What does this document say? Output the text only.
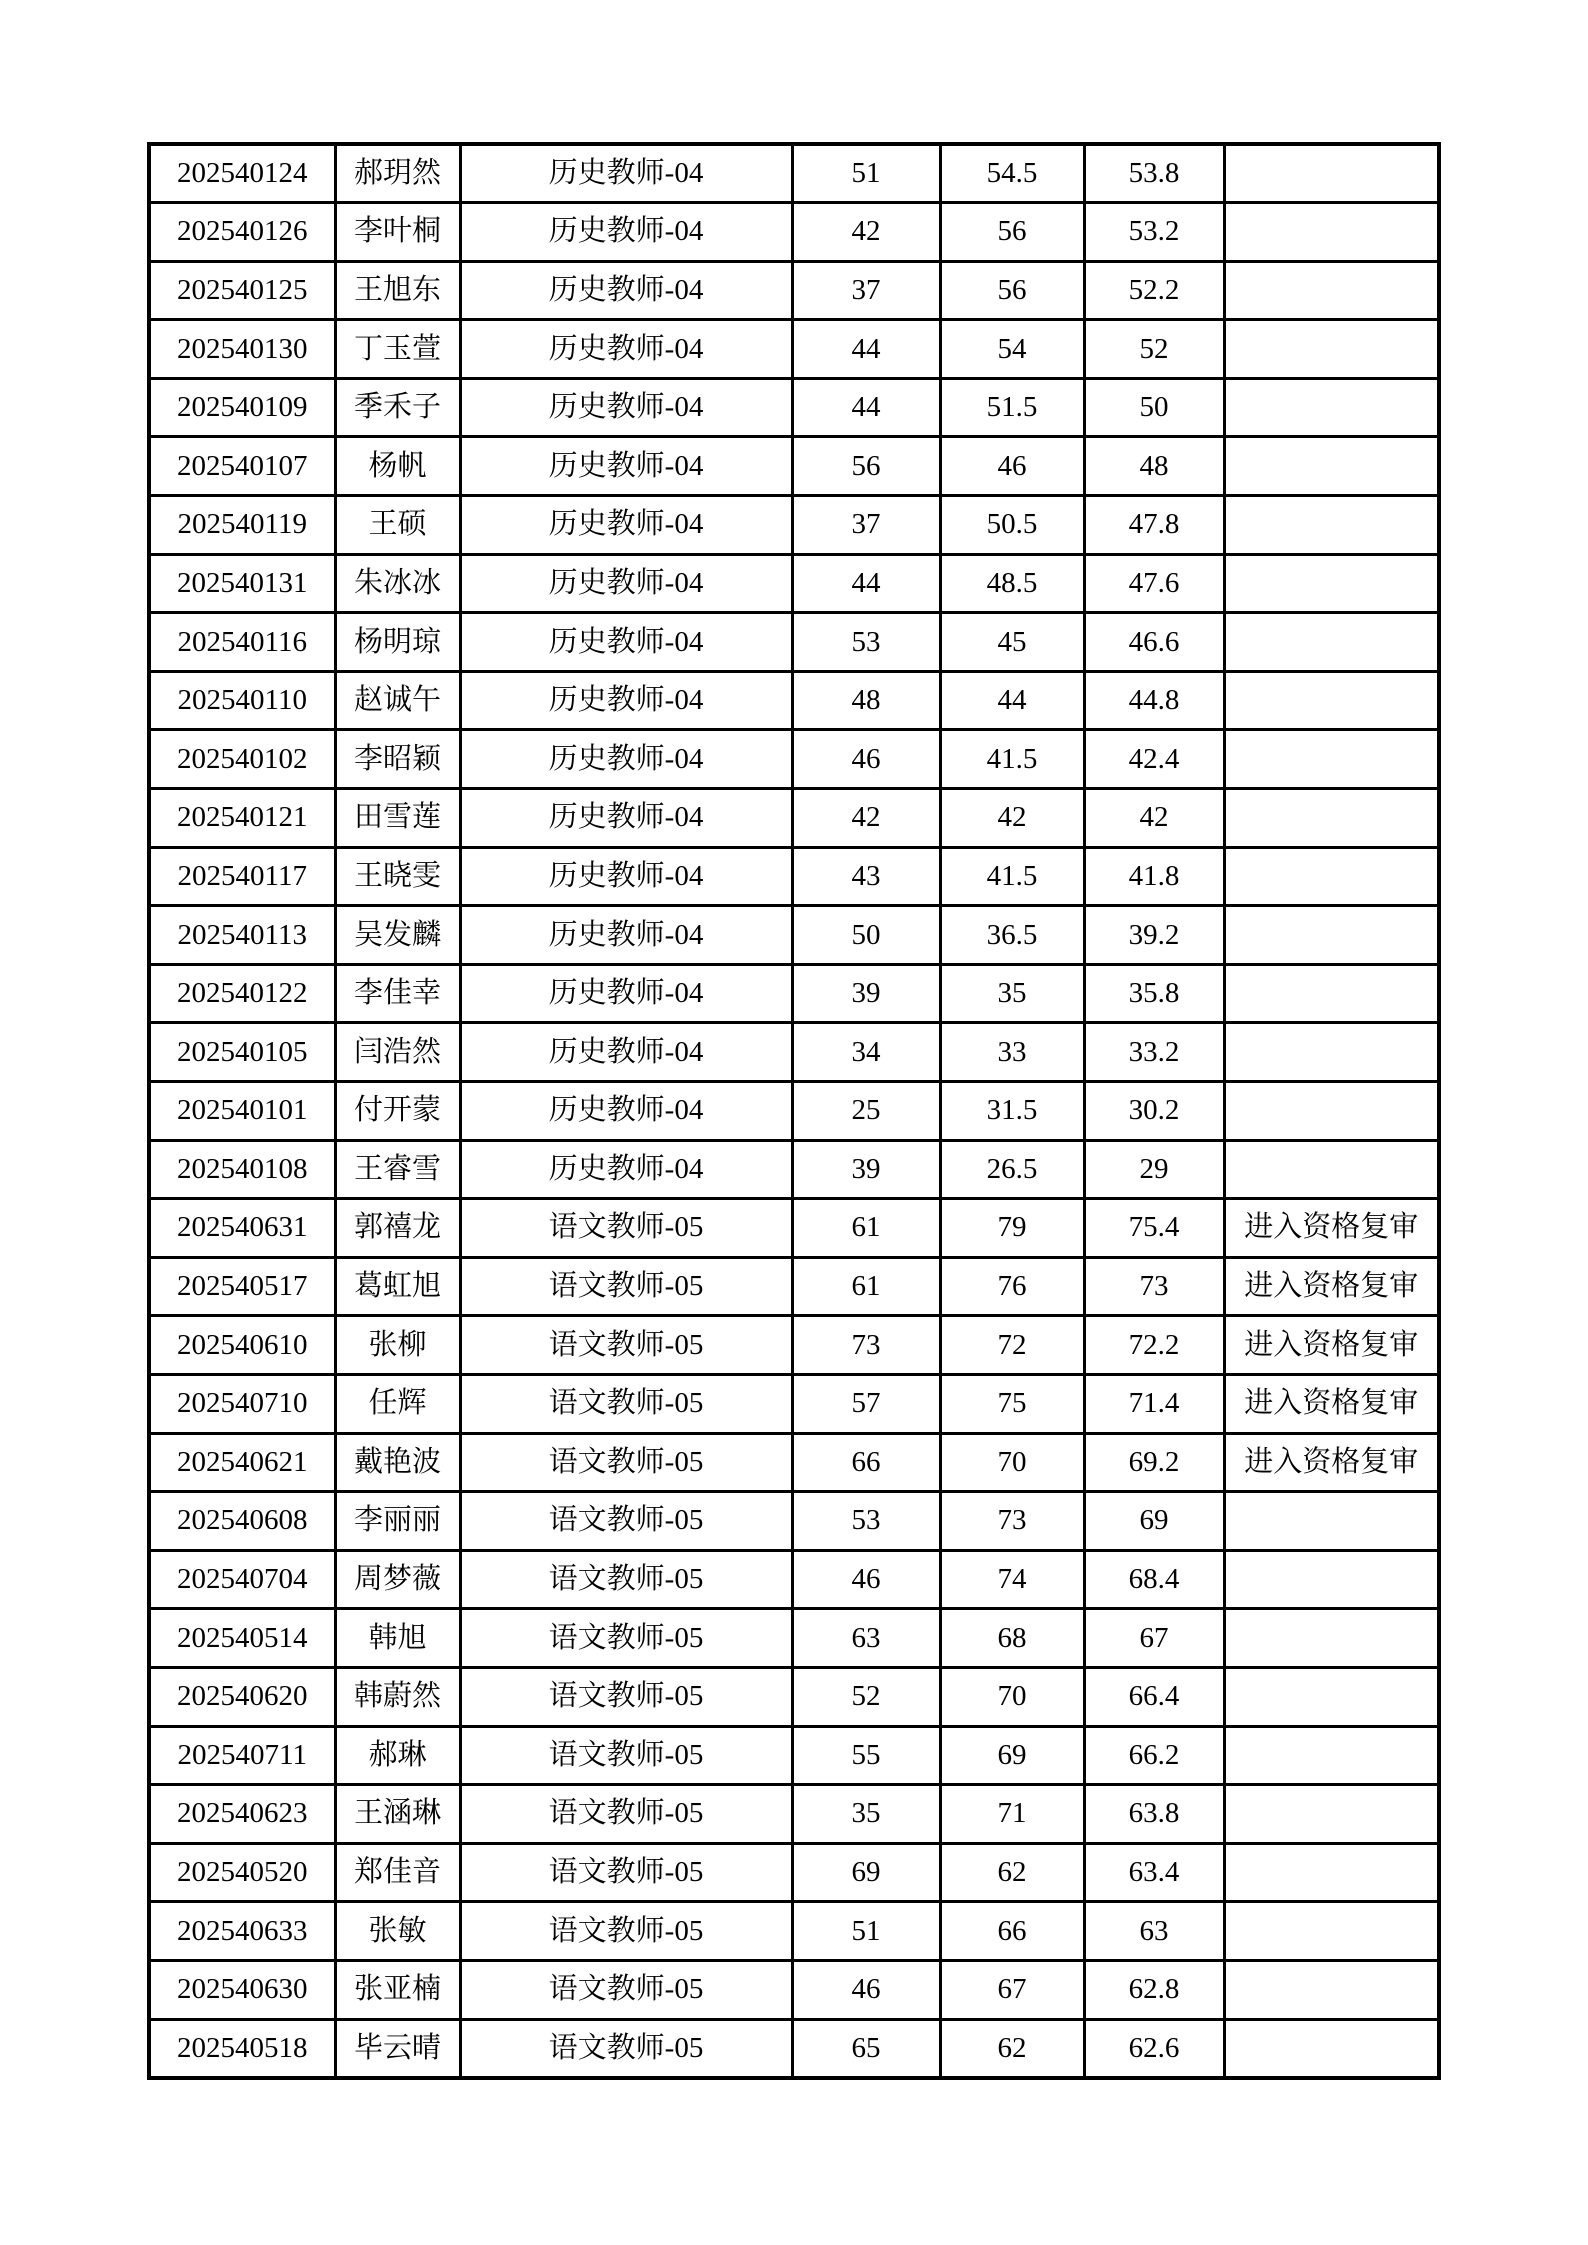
202540124	郝玥然	历史教师-04	51	54.5	53.8	
202540126	李叶桐	历史教师-04	42	56	53.2	
202540125	王旭东	历史教师-04	37	56	52.2	
202540130	丁玉萱	历史教师-04	44	54	52	
202540109	季禾子	历史教师-04	44	51.5	50	
202540107	杨帆	历史教师-04	56	46	48	
202540119	王硕	历史教师-04	37	50.5	47.8	
202540131	朱冰冰	历史教师-04	44	48.5	47.6	
202540116	杨明琼	历史教师-04	53	45	46.6	
202540110	赵诚午	历史教师-04	48	44	44.8	
202540102	李昭颖	历史教师-04	46	41.5	42.4	
202540121	田雪莲	历史教师-04	42	42	42	
202540117	王晓雯	历史教师-04	43	41.5	41.8	
202540113	吴发麟	历史教师-04	50	36.5	39.2	
202540122	李佳幸	历史教师-04	39	35	35.8	
202540105	闫浩然	历史教师-04	34	33	33.2	
202540101	付开蒙	历史教师-04	25	31.5	30.2	
202540108	王睿雪	历史教师-04	39	26.5	29	
202540631	郭禧龙	语文教师-05	61	79	75.4	进入资格复审
202540517	葛虹旭	语文教师-05	61	76	73	进入资格复审
202540610	张柳	语文教师-05	73	72	72.2	进入资格复审
202540710	任辉	语文教师-05	57	75	71.4	进入资格复审
202540621	戴艳波	语文教师-05	66	70	69.2	进入资格复审
202540608	李丽丽	语文教师-05	53	73	69	
202540704	周梦薇	语文教师-05	46	74	68.4	
202540514	韩旭	语文教师-05	63	68	67	
202540620	韩蔚然	语文教师-05	52	70	66.4	
202540711	郝琳	语文教师-05	55	69	66.2	
202540623	王涵琳	语文教师-05	35	71	63.8	
202540520	郑佳音	语文教师-05	69	62	63.4	
202540633	张敏	语文教师-05	51	66	63	
202540630	张亚楠	语文教师-05	46	67	62.8	
202540518	毕云晴	语文教师-05	65	62	62.6	
